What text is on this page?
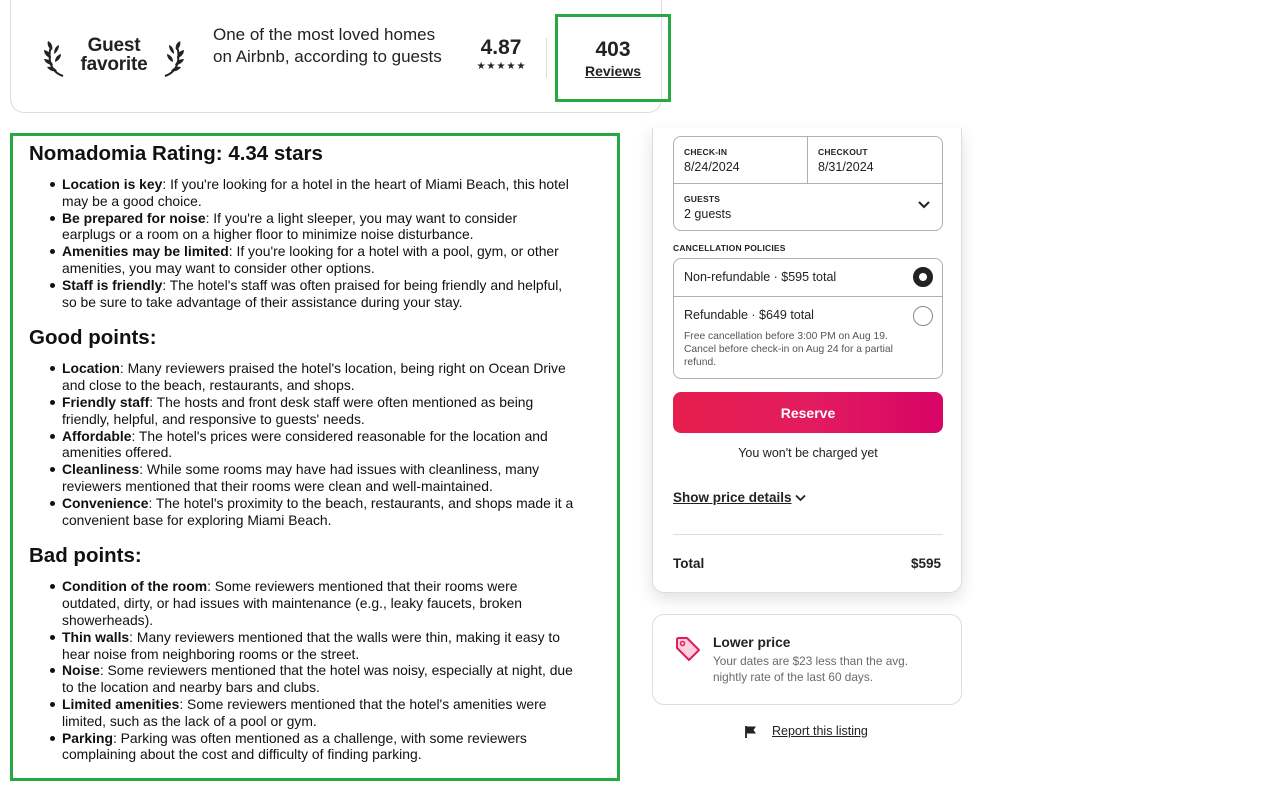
Guest favorite
One of the most loved homes on Airbnb, according to guests	4.87
★ ★ ★ ★ ★
403
Reviews
Nomadomia Rating: 4.34 stars
Location is key: If you're looking for a hotel in the heart of Miami Beach, this hotel may be a good choice.
Be prepared for noise: If you're a light sleeper, you may want to consider earplugs or a room on a higher floor to minimize noise disturbance.
Amenities may be limited: If you're looking for a hotel with a pool, gym, or other amenities, you may want to consider other options.
Staff is friendly: The hotel's staff was often praised for being friendly and helpful, so be sure to take advantage of their assistance during your stay.
Good points:
Location: Many reviewers praised the hotel's location, being right on Ocean Drive and close to the beach, restaurants, and shops.
Friendly staff: The hosts and front desk staff were often mentioned as being friendly, helpful, and responsive to guests' needs.
Affordable: The hotel's prices were considered reasonable for the location and amenities offered.
Cleanliness: While some rooms may have had issues with cleanliness, many reviewers mentioned that their rooms were clean and well-maintained.
Convenience: The hotel's proximity to the beach, restaurants, and shops made it a convenient base for exploring Miami Beach.
Bad points:
Condition of the room: Some reviewers mentioned that their rooms were outdated, dirty, or had issues with maintenance (e.g., leaky faucets, broken showerheads).
Thin walls: Many reviewers mentioned that the walls were thin, making it easy to hear noise from neighboring rooms or the street.
Noise: Some reviewers mentioned that the hotel was noisy, especially at night, due to the location and nearby bars and clubs.
Limited amenities: Some reviewers mentioned that the hotel's amenities were limited, such as the lack of a pool or gym.
Parking: Parking was often mentioned as a challenge, with some reviewers complaining about the cost and difficulty of finding parking.
CHECK-IN
8/24/2024
CHECKOUT
8/31/2024
GUESTS
2 guests
CANCELLATION POLICIES
Non-refundable · $595 total
Refundable · $649 total
Free cancellation before 3:00 PM on Aug 19. Cancel before check-in on Aug 24 for a partial refund.
Reserve
You won't be charged yet
Show price details
Total	$595
Lower price
Your dates are $23 less than the avg. nightly rate of the last 60 days.
Report this listing
